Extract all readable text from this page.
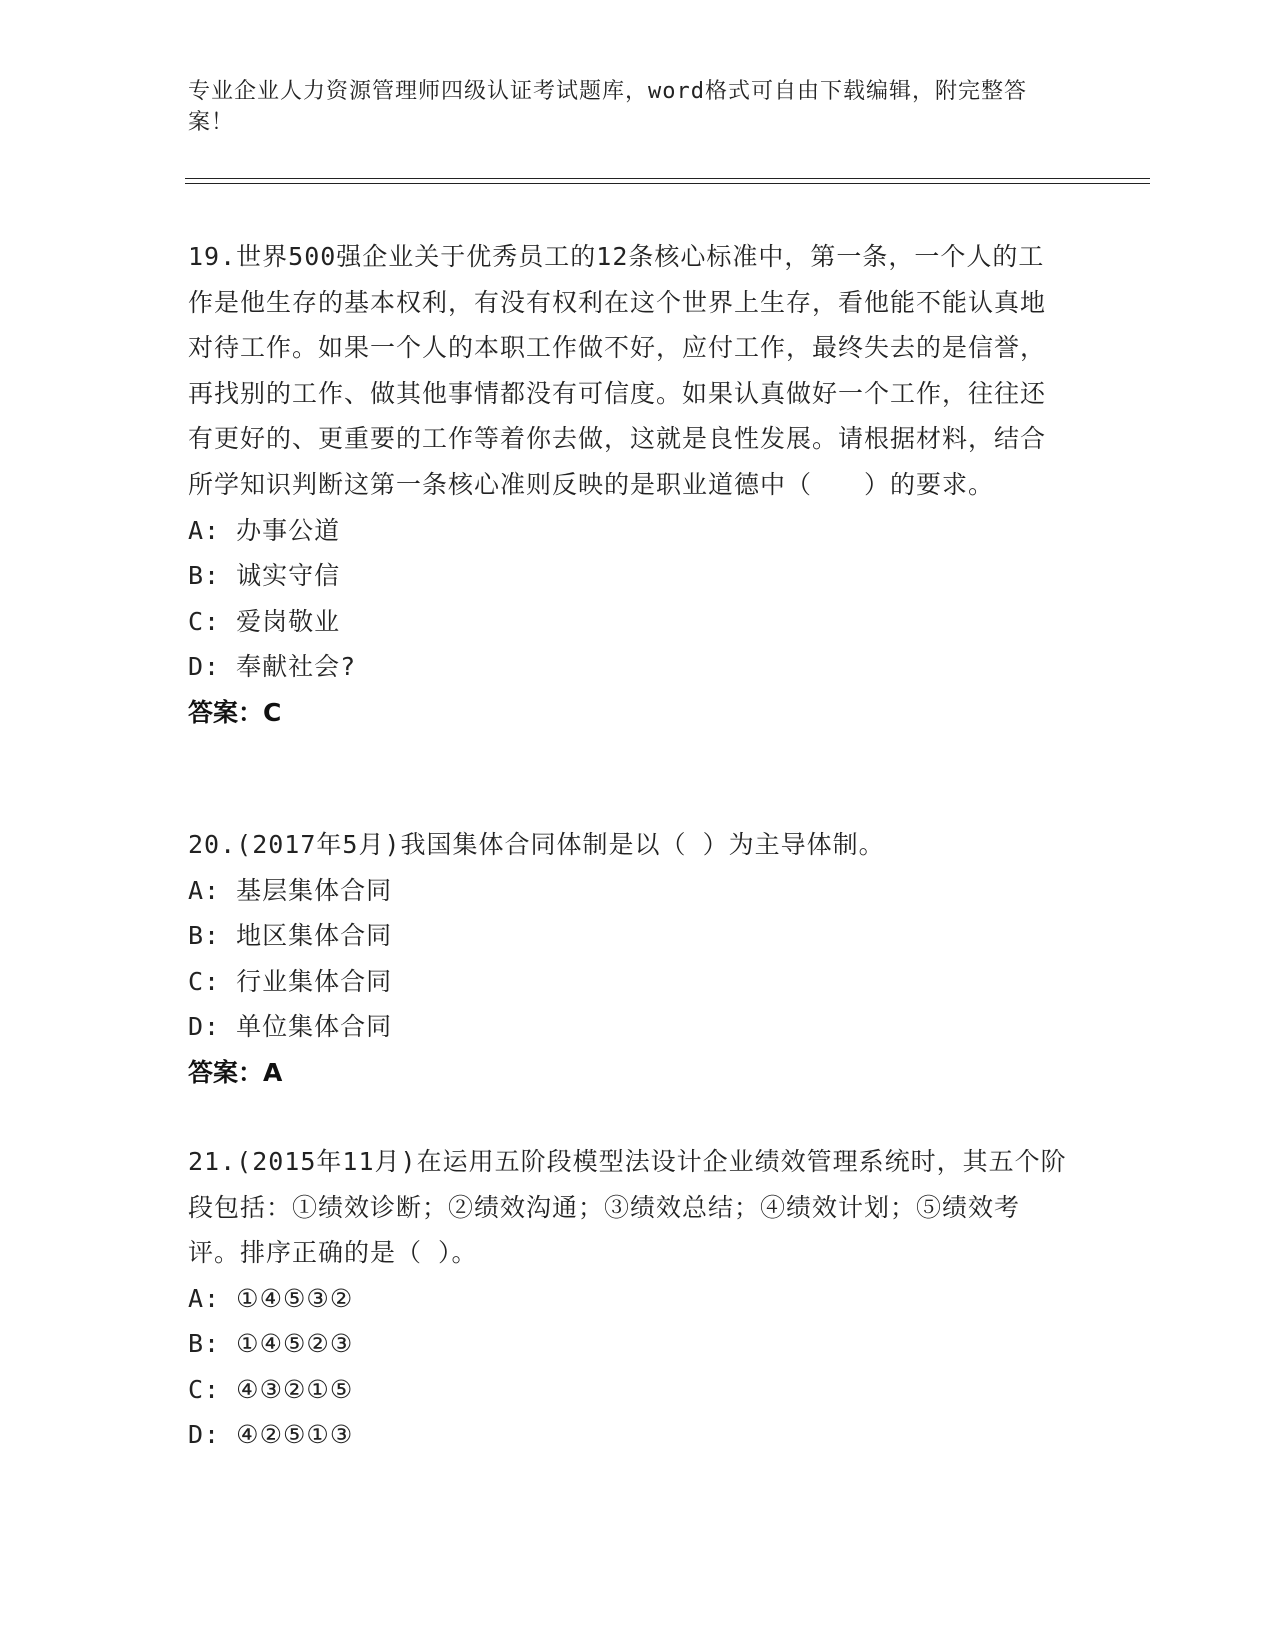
专业企业人力资源管理师四级认证考试题库，word格式可自由下载编辑，附完整答案！
19.世界500强企业关于优秀员工的12条核心标准中，第一条，一个人的工作是他生存的基本权利，有没有权利在这个世界上生存，看他能不能认真地对待工作。如果一个人的本职工作做不好，应付工作，最终失去的是信誉，再找别的工作、做其他事情都没有可信度。如果认真做好一个工作，往往还有更好的、更重要的工作等着你去做，这就是良性发展。请根据材料，结合所学知识判断这第一条核心准则反映的是职业道德中（　　）的要求。
A: 办事公道
B: 诚实守信
C: 爱岗敬业
D: 奉献社会?
答案：C
20.(2017年5月)我国集体合同体制是以（ ）为主导体制。
A: 基层集体合同
B: 地区集体合同
C: 行业集体合同
D: 单位集体合同
答案：A
21.(2015年11月)在运用五阶段模型法设计企业绩效管理系统时，其五个阶段包括：①绩效诊断；②绩效沟通；③绩效总结；④绩效计划；⑤绩效考评。排序正确的是（ ）。
A: ①④⑤③②
B: ①④⑤②③
C: ④③②①⑤
D: ④②⑤①③
